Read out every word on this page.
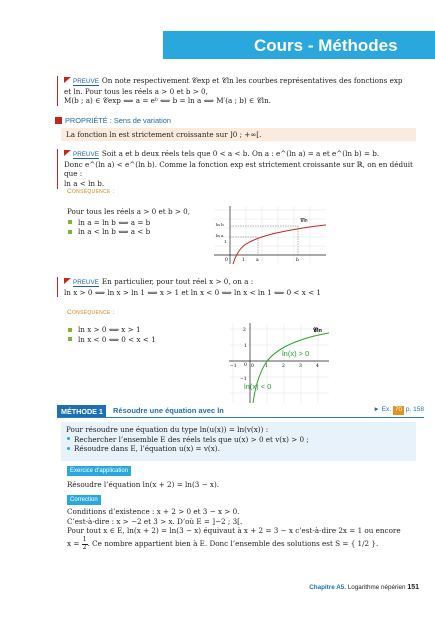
Cours - Méthodes
PREUVE On note respectivement 𝒞exp et 𝒞ln les courbes représentatives des fonctions exp
et ln. Pour tous les réels a > 0 et b > 0,
M(b ; a) ∈ 𝒞exp ⟺ a = eᵇ ⟺ b = ln a ⟺ M′(a ; b) ∈ 𝒞ln.
PROPRIÉTÉ : Sens de variation
La fonction ln est strictement croissante sur ]0 ; +∞[.
PREUVE Soit a et b deux réels tels que 0 < a < b. On a : e^(ln a) = a et e^(ln b) = b.
Donc e^(ln a) < e^(ln b). Comme la fonction exp est strictement croissante sur ℝ, on en déduit que :
ln a < ln b.
Conséquence :
Pour tous les réels a > 0 et b > 0,
ln a = ln b ⟺ a = b
ln a < ln b ⟺ a < b
𝒞ln
ln b
1
ln a
0	1 a	b
PREUVE En particulier, pour tout réel x > 0, on a :
ln x > 0 ⟺ ln x > ln 1 ⟺ x > 1 et ln x < 0 ⟺ ln x < ln 1 ⟺ 0 < x < 1
Conséquence :
ln x > 0 ⟺ x > 1
ln x < 0 ⟺ 0 < x < 1
𝒞ln
ln(x) > 0
ln(x) < 0
2
1
0
−1
−1	0 1	2	3	4
MÉTHODE 1	Résoudre une équation avec ln	► Ex. 70 p. 158
Pour résoudre une équation du type ln(u(x)) = ln(v(x)) :
Rechercher l’ensemble E des réels tels que u(x) > 0 et v(x) > 0 ;
Résoudre dans E, l’équation u(x) = v(x).
Exercice d’application
Résoudre l’équation ln(x + 2) = ln(3 − x).
Correction
Conditions d’existence : x + 2 > 0 et 3 − x > 0.
C’est-à-dire : x > −2 et 3 > x. D’où E = ]−2 ; 3[.
Pour tout x ∈ E, ln(x + 2) = ln(3 − x) équivaut à x + 2 = 3 − x c’est-à-dire 2x = 1 ou encore
$x = \frac{1}{2}$. Ce nombre appartient bien à E. Donc l’ensemble des solutions est S = { 1/2 }.
Chapitre A5. Logarithme népérien 151
